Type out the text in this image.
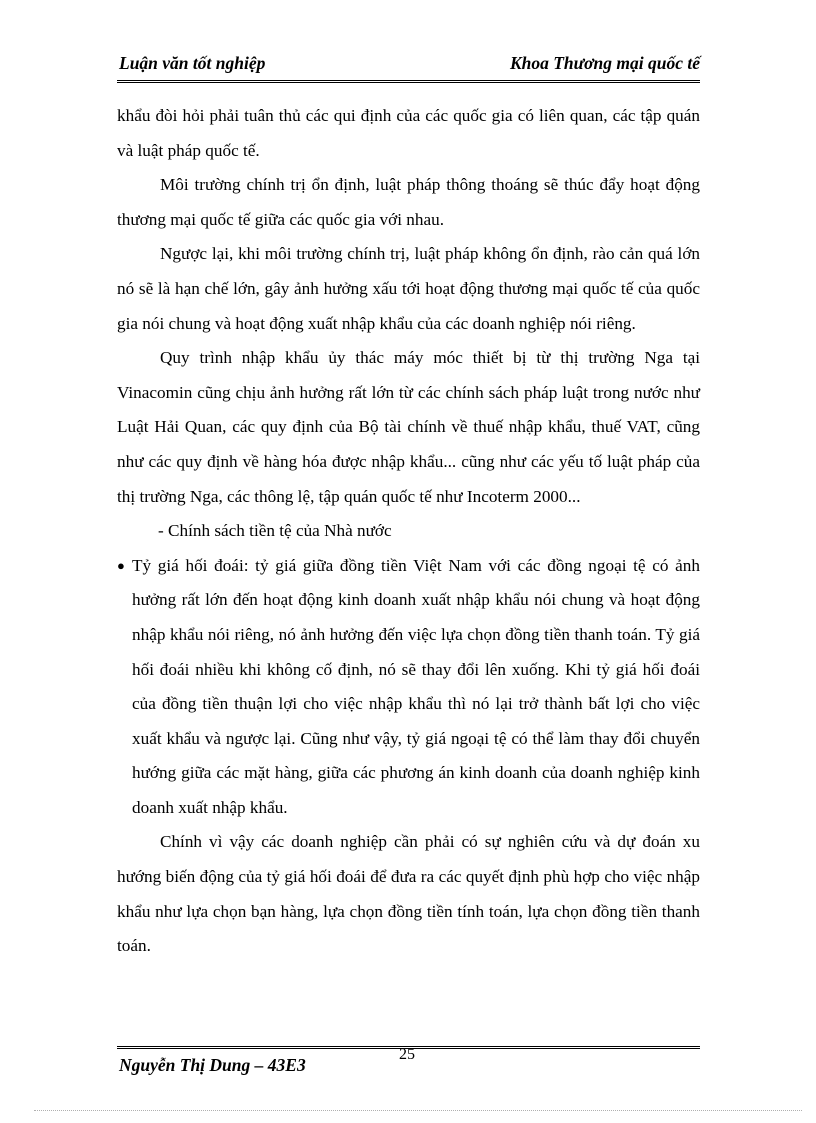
Luận văn tốt nghiệp	Khoa Thương mại quốc tế

khẩu đòi hỏi phải tuân thủ các qui định của các quốc gia có liên quan, các tập quán và luật pháp quốc tế.

Môi trường chính trị ổn định, luật pháp thông thoáng sẽ thúc đẩy hoạt động thương mại quốc tế giữa các quốc gia với nhau.

Ngược lại, khi môi trường chính trị, luật pháp không ổn định, rào cản quá lớn nó sẽ là hạn chế lớn, gây ảnh hưởng xấu tới hoạt động thương mại quốc tế của quốc gia nói chung và hoạt động xuất nhập khẩu của các doanh nghiệp nói riêng.

Quy trình nhập khẩu ủy thác máy móc thiết bị từ thị trường Nga tại Vinacomin cũng chịu ảnh hưởng rất lớn từ các chính sách pháp luật trong nước như Luật Hải Quan, các quy định của Bộ tài chính về thuế nhập khẩu, thuế VAT, cũng như các quy định về hàng hóa được nhập khẩu... cũng như các yếu tố luật pháp của thị trường Nga, các thông lệ, tập quán quốc tế như Incoterm 2000...

- Chính sách tiền tệ của Nhà nước

● Tỷ giá hối đoái: tỷ giá giữa đồng tiền Việt Nam với các đồng ngoại tệ có ảnh hưởng rất lớn đến hoạt động kinh doanh xuất nhập khẩu nói chung và hoạt động nhập khẩu nói riêng, nó ảnh hưởng đến việc lựa chọn đồng tiền thanh toán. Tỷ giá hối đoái nhiều khi không cố định, nó sẽ thay đổi lên xuống. Khi tỷ giá hối đoái của đồng tiền thuận lợi cho việc nhập khẩu thì nó lại trở thành bất lợi cho việc xuất khẩu và ngược lại. Cũng như vậy, tỷ giá ngoại tệ có thể làm thay đổi chuyển hướng giữa các mặt hàng, giữa các phương án kinh doanh của doanh nghiệp kinh doanh xuất nhập khẩu.

Chính vì vậy các doanh nghiệp cần phải có sự nghiên cứu và dự đoán xu hướng biến động của tỷ giá hối đoái để đưa ra các quyết định phù hợp cho việc nhập khẩu như lựa chọn bạn hàng, lựa chọn đồng tiền tính toán, lựa chọn đồng tiền thanh toán.

Nguyễn Thị Dung – 43E3
25
